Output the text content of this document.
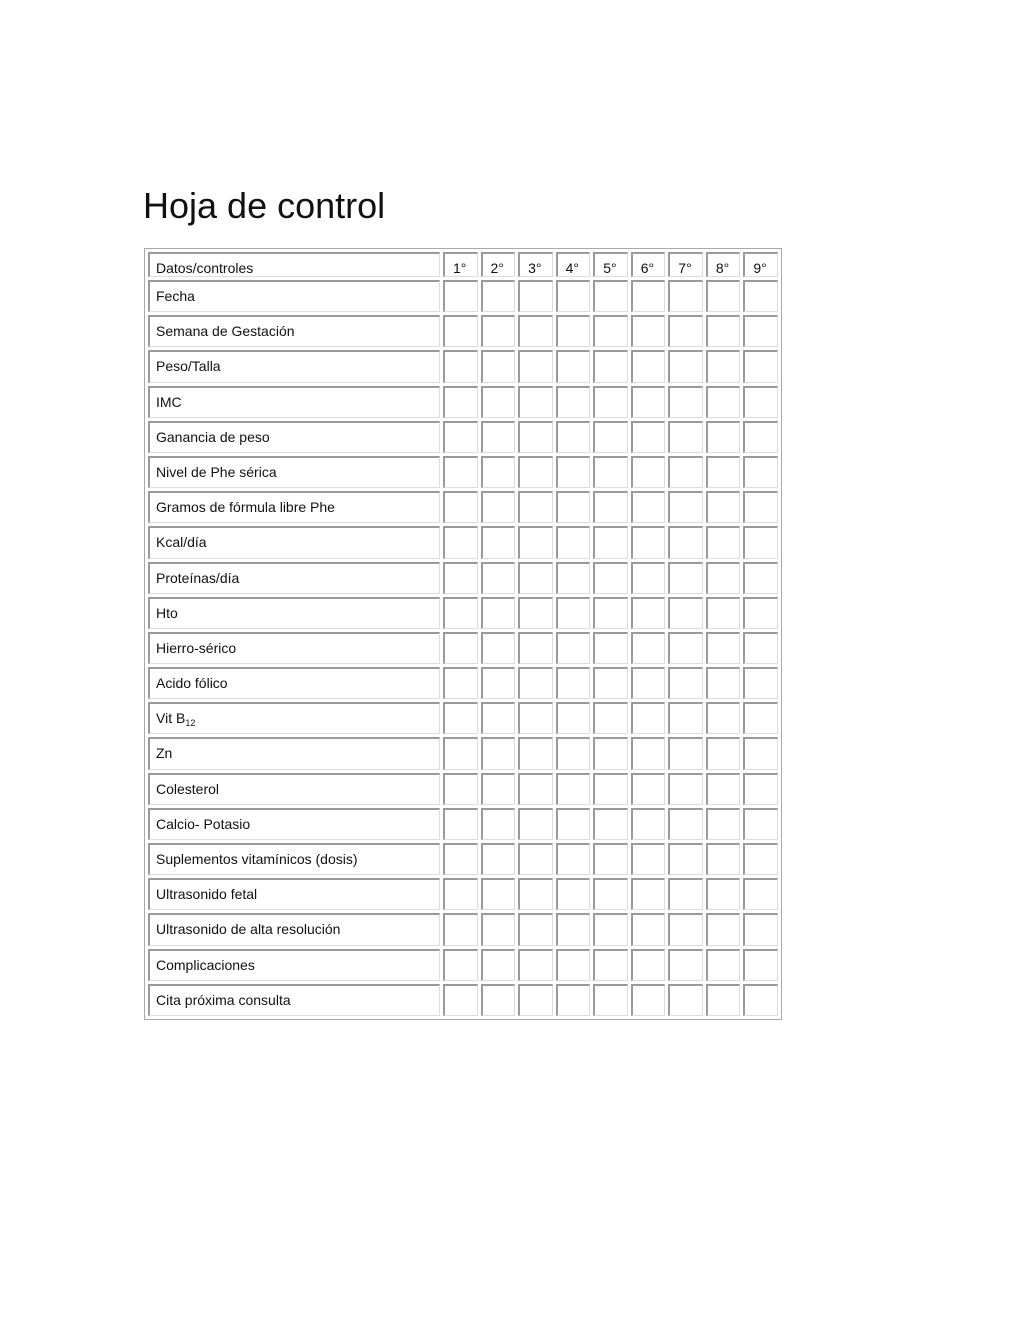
Hoja de control
Datos/controles	1°	2°	3°	4°	5°	6°	7°	8°	9°
Fecha									
Semana de Gestación									
Peso/Talla									
IMC									
Ganancia de peso									
Nivel de Phe sérica									
Gramos de fórmula libre Phe									
Kcal/día									
Proteínas/día									
Hto									
Hierro-sérico									
Acido fólico									
Vit $B_{12}$									
Zn									
Colesterol									
Calcio- Potasio									
Suplementos vitamínicos (dosis)									
Ultrasonido fetal									
Ultrasonido de alta resolución									
Complicaciones									
Cita próxima consulta									
